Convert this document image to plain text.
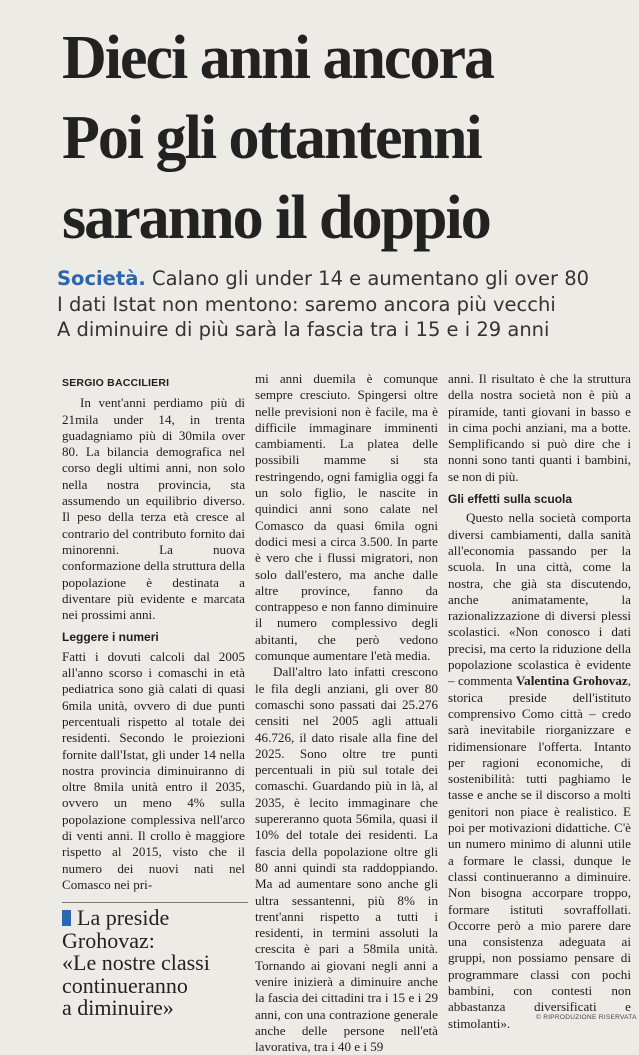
Dieci anni ancora
Poi gli ottantenni
saranno il doppio
Società. Calano gli under 14 e aumentano gli over 80
I dati Istat non mentono: saremo ancora più vecchi
A diminuire di più sarà la fascia tra i 15 e i 29 anni
SERGIO BACCILIERI

In vent'anni perdiamo più di 21mila under 14, in trenta guadagniamo più di 30mila over 80. La bilancia demografica nel corso degli ultimi anni, non solo nella nostra provincia, sta assumendo un equilibrio diverso. Il peso della terza età cresce al contrario del contributo fornito dai minorenni. La nuova conformazione della struttura della popolazione è destinata a diventare più evidente e marcata nei prossimi anni.

Leggere i numeri

Fatti i dovuti calcoli dal 2005 all'anno scorso i comaschi in età pediatrica sono già calati di quasi 6mila unità, ovvero di due punti percentuali rispetto al totale dei residenti. Secondo le proiezioni fornite dall'Istat, gli under 14 nella nostra provincia diminuiranno di oltre 8mila unità entro il 2035, ovvero un meno 4% sulla popolazione complessiva nell'arco di venti anni. Il crollo è maggiore rispetto al 2015, visto che il numero dei nuovi nati nel Comasco nei pri-

mi anni duemila è comunque sempre cresciuto. Spingersi oltre nelle previsioni non è facile, ma è difficile immaginare imminenti cambiamenti. La platea delle possibili mamme si sta restringendo, ogni famiglia oggi fa un solo figlio, le nascite in quindici anni sono calate nel Comasco da quasi 6mila ogni dodici mesi a circa 3.500. In parte è vero che i flussi migratori, non solo dall'estero, ma anche dalle altre province, fanno da contrappeso e non fanno diminuire il numero complessivo degli abitanti, che però vedono comunque aumentare l'età media.

Dall'altro lato infatti crescono le fila degli anziani, gli over 80 comaschi sono passati dai 25.276 censiti nel 2005 agli attuali 46.726, il dato risale alla fine del 2025. Sono oltre tre punti percentuali in più sul totale dei comaschi. Guardando più in là, al 2035, è lecito immaginare che supereranno quota 56mila, quasi il 10% del totale dei residenti. La fascia della popolazione oltre gli 80 anni quindi sta raddoppiando. Ma ad aumentare sono anche gli ultra sessantenni, più 8% in trent'anni rispetto a tutti i residenti, in termini assoluti la crescita è pari a 58mila unità. Tornando ai giovani negli anni a venire inizierà a diminuire anche la fascia dei cittadini tra i 15 e i 29 anni, con una contrazione generale anche delle persone nell'età lavorativa, tra i 40 e i 59

anni. Il risultato è che la struttura della nostra società non è più a piramide, tanti giovani in basso e in cima pochi anziani, ma a botte. Semplificando si può dire che i nonni sono tanti quanti i bambini, se non di più.

Gli effetti sulla scuola

Questo nella società comporta diversi cambiamenti, dalla sanità all'economia passando per la scuola. In una città, come la nostra, che già sta discutendo, anche animatamente, la razionalizzazione di diversi plessi scolastici. «Non conosco i dati precisi, ma certo la riduzione della popolazione scolastica è evidente – commenta Valentina Grohovaz, storica preside dell'istituto comprensivo Como città – credo sarà inevitabile riorganizzare e ridimensionare l'offerta. Intanto per ragioni economiche, di sostenibilità: tutti paghiamo le tasse e anche se il discorso a molti genitori non piace è realistico. E poi per motivazioni didattiche. C'è un numero minimo di alunni utile a formare le classi, dunque le classi continueranno a diminuire. Non bisogna accorpare troppo, formare istituti sovraffollati. Occorre però a mio parere dare una consistenza adeguata ai gruppi, non possiamo pensare di programmare classi con pochi bambini, con contesti non abbastanza diversificati e stimolanti».

La preside
Grohovaz:
«Le nostre classi
continueranno
a diminuire»	© RIPRODUZIONE RISERVATA
